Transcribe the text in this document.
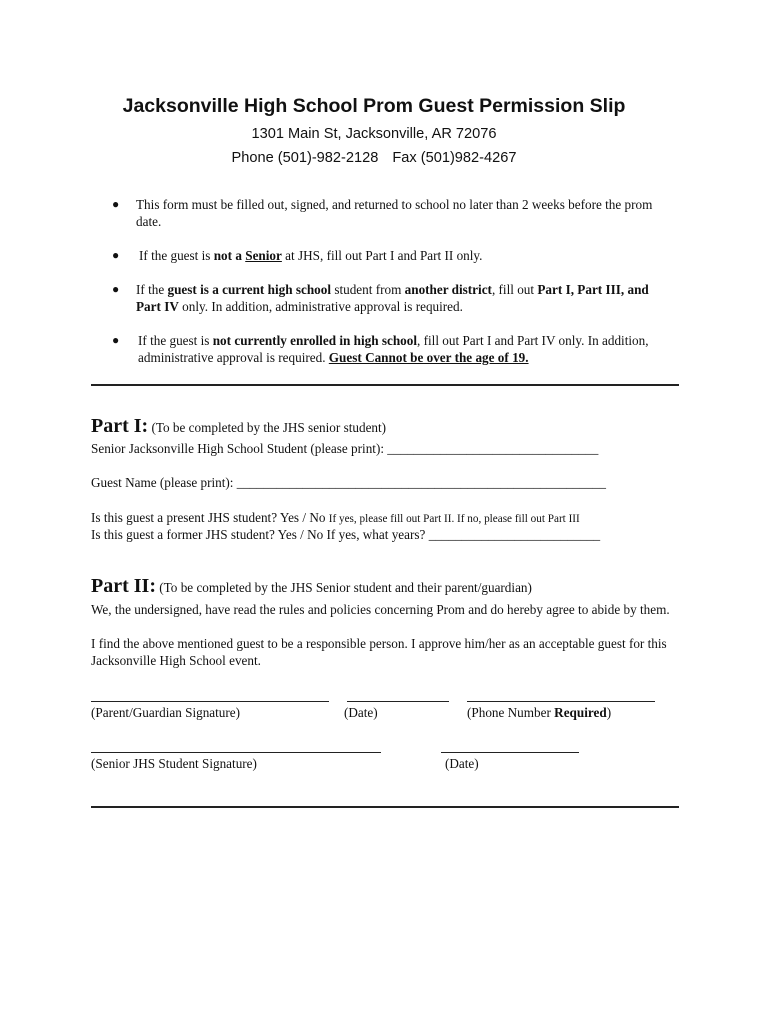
Jacksonville High School Prom Guest Permission Slip
1301 Main St, Jacksonville, AR 72076
Phone (501)-982-2128 Fax (501)982-4267
● This form must be filled out, signed, and returned to school no later than 2 weeks before the prom date.
● If the guest is not a Senior at JHS, fill out Part I and Part II only.
● If the guest is a current high school student from another district, fill out Part I, Part III, and Part IV only. In addition, administrative approval is required.
● If the guest is not currently enrolled in high school, fill out Part I and Part IV only. In addition, administrative approval is required. Guest Cannot be over the age of 19.
Part I: (To be completed by the JHS senior student)
Senior Jacksonville High School Student (please print): ________________________________
Guest Name (please print): ________________________________________________________
Is this guest a present JHS student? Yes / No If yes, please fill out Part II. If no, please fill out Part III
Is this guest a former JHS student? Yes / No If yes, what years? __________________________
Part II: (To be completed by the JHS Senior student and their parent/guardian)
We, the undersigned, have read the rules and policies concerning Prom and do hereby agree to abide by them.
I find the above mentioned guest to be a responsible person. I approve him/her as an acceptable guest for this Jacksonville High School event.
(Parent/Guardian Signature)	(Date)	(Phone Number Required)
(Senior JHS Student Signature)	(Date)
